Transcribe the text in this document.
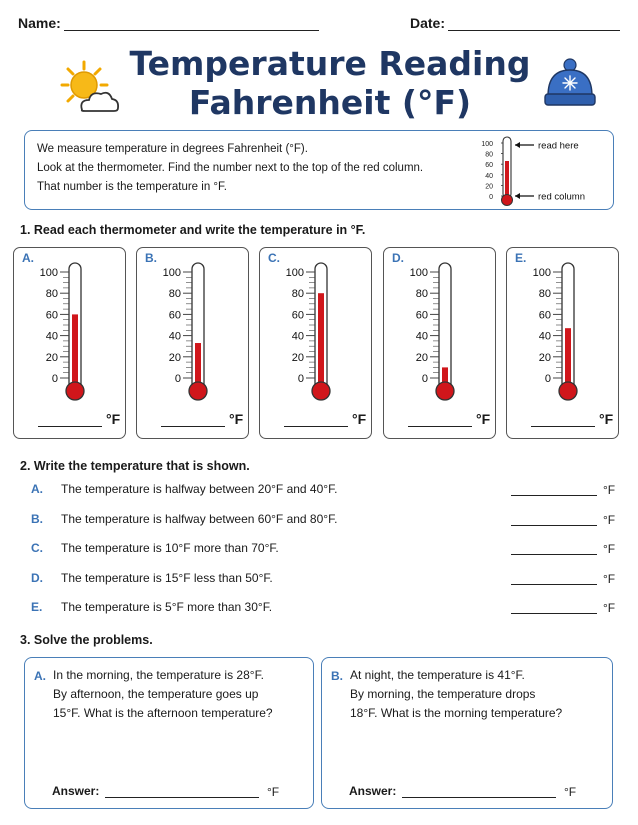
Name:	Date:
Temperature Reading
Fahrenheit (°F)
We measure temperature in degrees Fahrenheit (°F).
Look at the thermometer. Find the number next to the top of the red column.
That number is the temperature in °F.
100
80
60
40
20
0
read here
red column
1. Read each thermometer and write the temperature in °F.
A.
100
80
60
40
20
0
°F
B.
100
80
60
40
20
0
°F
C.
100
80
60
40
20
0
°F
D.
100
80
60
40
20
0
°F
E.
100
80
60
40
20
0
°F
2. Write the temperature that is shown.
A. The temperature is halfway between 20°F and 40°F.	°F
B. The temperature is halfway between 60°F and 80°F.	°F
C. The temperature is 10°F more than 70°F.	°F
D. The temperature is 15°F less than 50°F.	°F
E. The temperature is 5°F more than 30°F.	°F
3. Solve the problems.
A. In the morning, the temperature is 28°F.
By afternoon, the temperature goes up
15°F. What is the afternoon temperature?
Answer:	°F
B. At night, the temperature is 41°F.
By morning, the temperature drops
18°F. What is the morning temperature?
Answer:	°F
